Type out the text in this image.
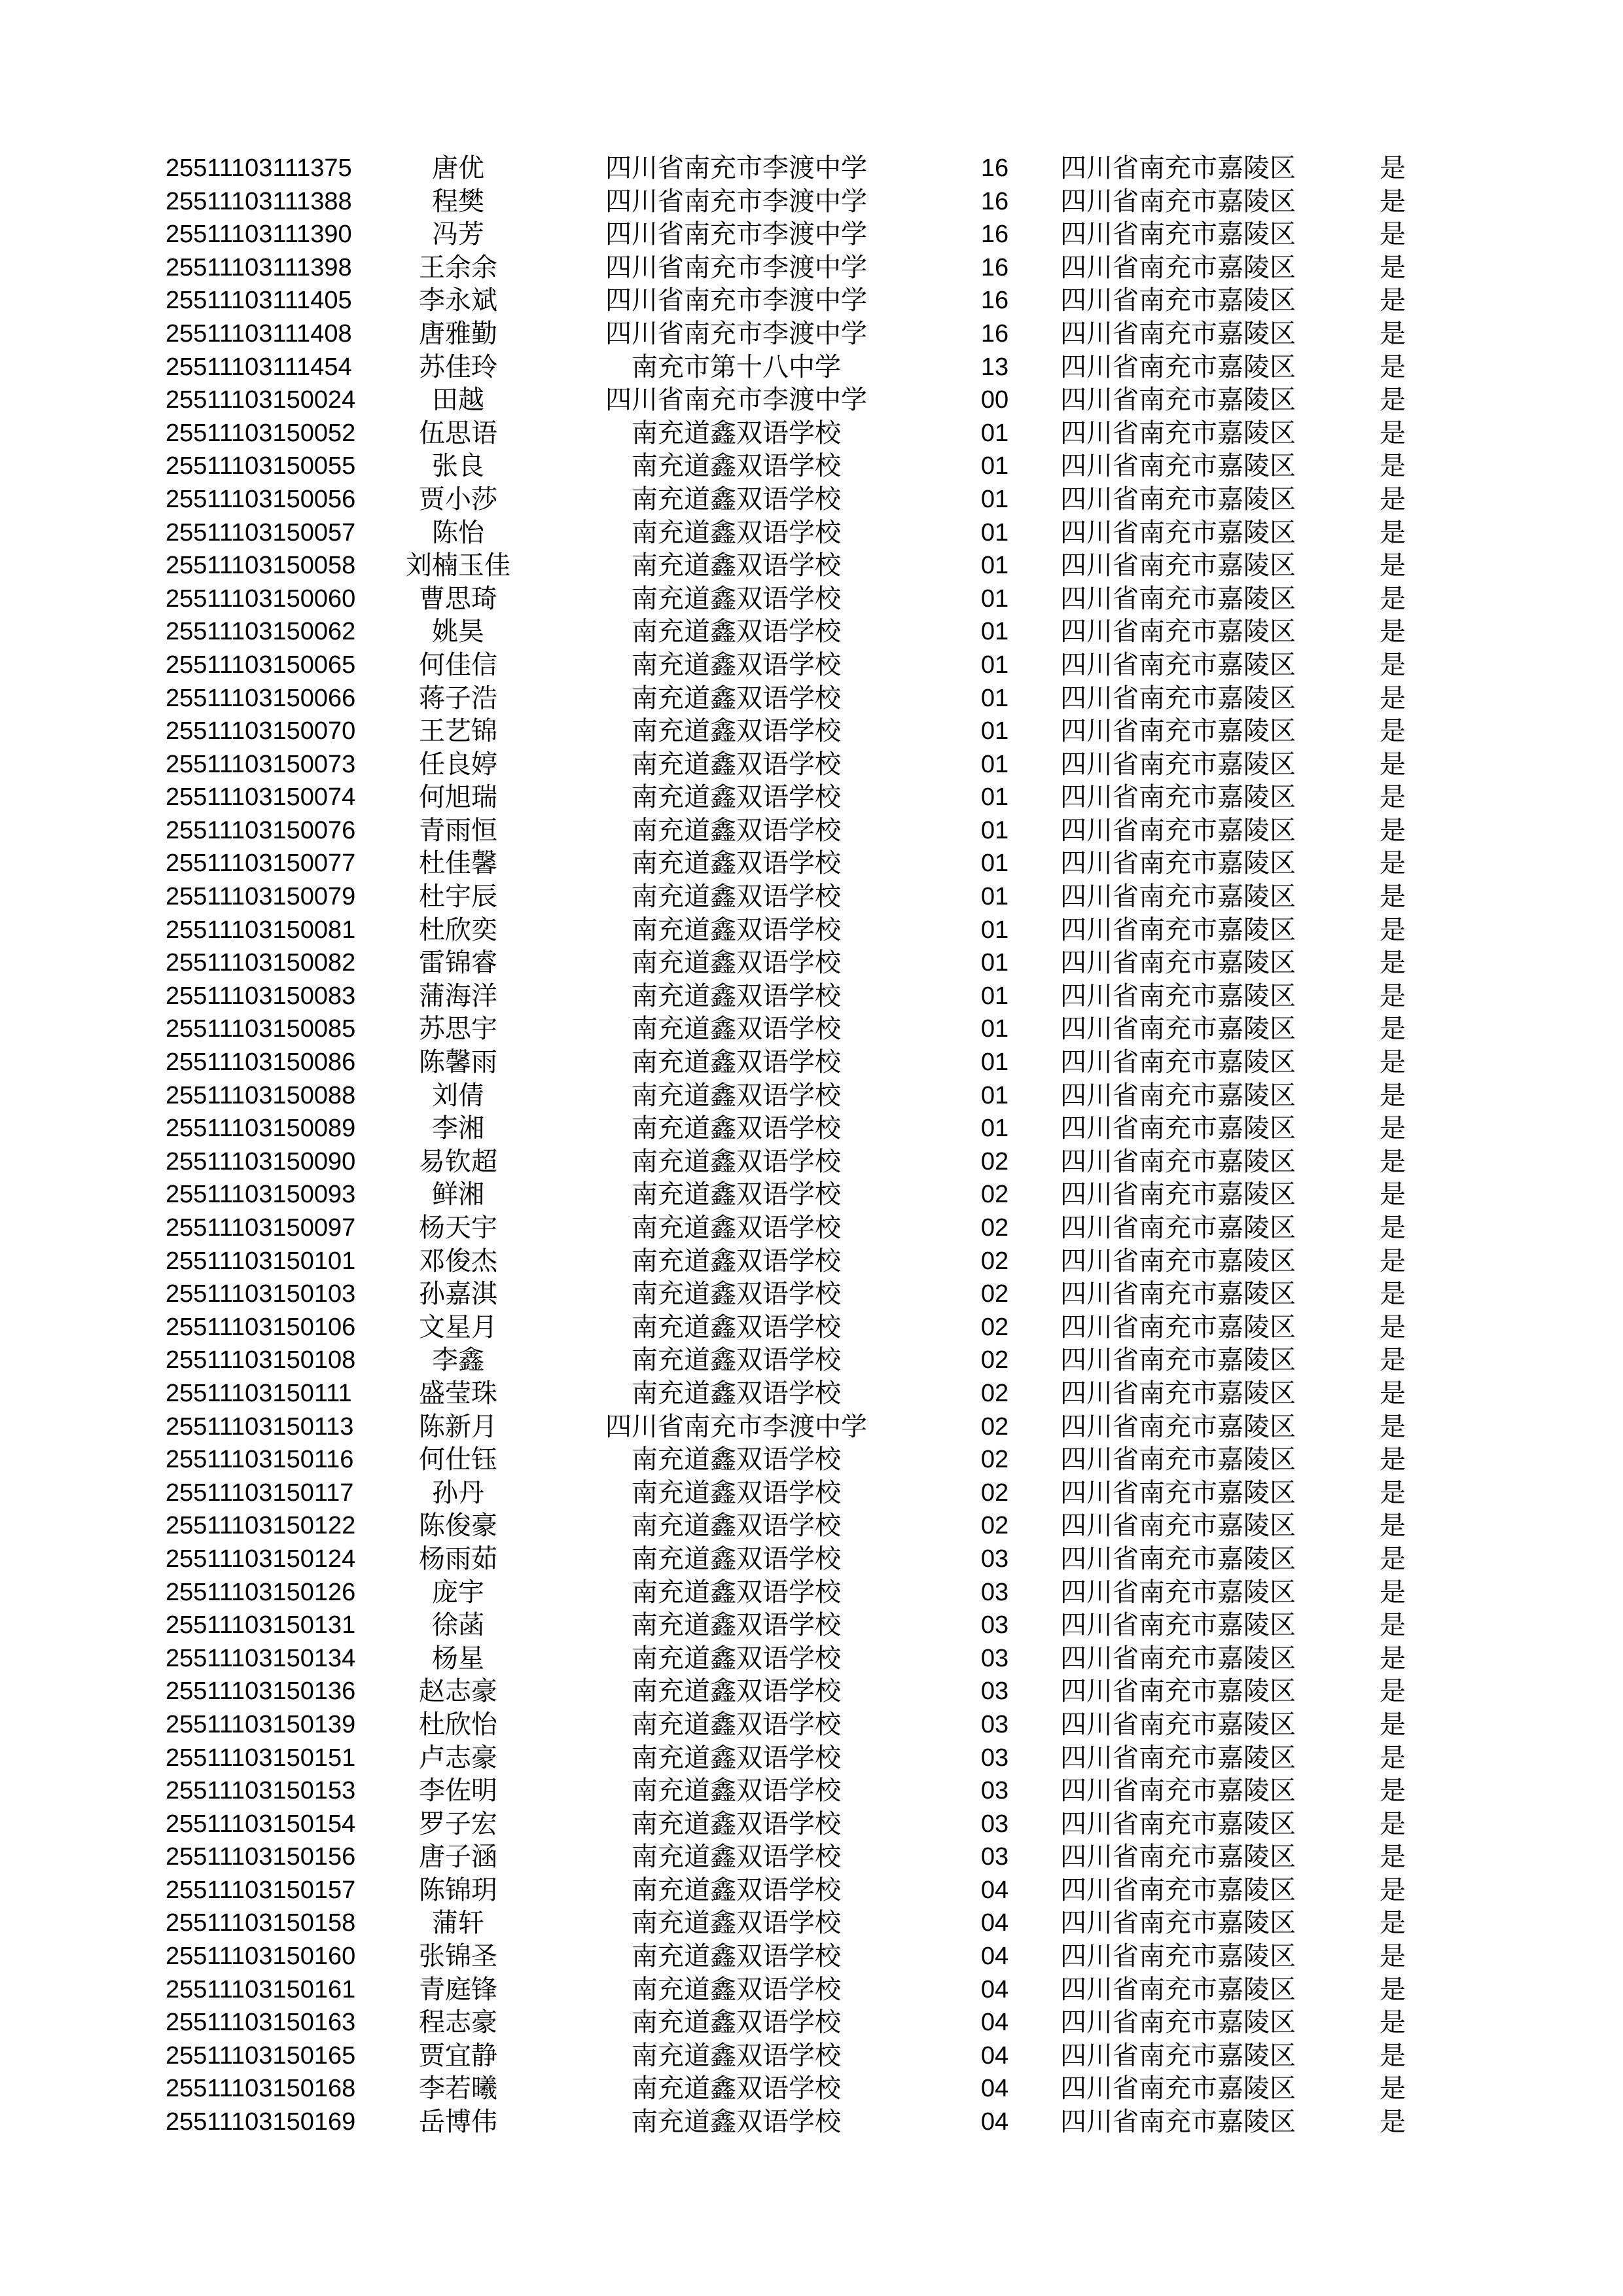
25511103111375	唐优	四川省南充市李渡中学	16	四川省南充市嘉陵区	是
25511103111388	程樊	四川省南充市李渡中学	16	四川省南充市嘉陵区	是
25511103111390	冯芳	四川省南充市李渡中学	16	四川省南充市嘉陵区	是
25511103111398	王余余	四川省南充市李渡中学	16	四川省南充市嘉陵区	是
25511103111405	李永斌	四川省南充市李渡中学	16	四川省南充市嘉陵区	是
25511103111408	唐雅勤	四川省南充市李渡中学	16	四川省南充市嘉陵区	是
25511103111454	苏佳玲	南充市第十八中学	13	四川省南充市嘉陵区	是
25511103150024	田越	四川省南充市李渡中学	00	四川省南充市嘉陵区	是
25511103150052	伍思语	南充道鑫双语学校	01	四川省南充市嘉陵区	是
25511103150055	张良	南充道鑫双语学校	01	四川省南充市嘉陵区	是
25511103150056	贾小莎	南充道鑫双语学校	01	四川省南充市嘉陵区	是
25511103150057	陈怡	南充道鑫双语学校	01	四川省南充市嘉陵区	是
25511103150058	刘楠玉佳	南充道鑫双语学校	01	四川省南充市嘉陵区	是
25511103150060	曹思琦	南充道鑫双语学校	01	四川省南充市嘉陵区	是
25511103150062	姚昊	南充道鑫双语学校	01	四川省南充市嘉陵区	是
25511103150065	何佳信	南充道鑫双语学校	01	四川省南充市嘉陵区	是
25511103150066	蒋子浩	南充道鑫双语学校	01	四川省南充市嘉陵区	是
25511103150070	王艺锦	南充道鑫双语学校	01	四川省南充市嘉陵区	是
25511103150073	任良婷	南充道鑫双语学校	01	四川省南充市嘉陵区	是
25511103150074	何旭瑞	南充道鑫双语学校	01	四川省南充市嘉陵区	是
25511103150076	青雨恒	南充道鑫双语学校	01	四川省南充市嘉陵区	是
25511103150077	杜佳馨	南充道鑫双语学校	01	四川省南充市嘉陵区	是
25511103150079	杜宇辰	南充道鑫双语学校	01	四川省南充市嘉陵区	是
25511103150081	杜欣奕	南充道鑫双语学校	01	四川省南充市嘉陵区	是
25511103150082	雷锦睿	南充道鑫双语学校	01	四川省南充市嘉陵区	是
25511103150083	蒲海洋	南充道鑫双语学校	01	四川省南充市嘉陵区	是
25511103150085	苏思宇	南充道鑫双语学校	01	四川省南充市嘉陵区	是
25511103150086	陈馨雨	南充道鑫双语学校	01	四川省南充市嘉陵区	是
25511103150088	刘倩	南充道鑫双语学校	01	四川省南充市嘉陵区	是
25511103150089	李湘	南充道鑫双语学校	01	四川省南充市嘉陵区	是
25511103150090	易钦超	南充道鑫双语学校	02	四川省南充市嘉陵区	是
25511103150093	鲜湘	南充道鑫双语学校	02	四川省南充市嘉陵区	是
25511103150097	杨天宇	南充道鑫双语学校	02	四川省南充市嘉陵区	是
25511103150101	邓俊杰	南充道鑫双语学校	02	四川省南充市嘉陵区	是
25511103150103	孙嘉淇	南充道鑫双语学校	02	四川省南充市嘉陵区	是
25511103150106	文星月	南充道鑫双语学校	02	四川省南充市嘉陵区	是
25511103150108	李鑫	南充道鑫双语学校	02	四川省南充市嘉陵区	是
25511103150111	盛莹珠	南充道鑫双语学校	02	四川省南充市嘉陵区	是
25511103150113	陈新月	四川省南充市李渡中学	02	四川省南充市嘉陵区	是
25511103150116	何仕钰	南充道鑫双语学校	02	四川省南充市嘉陵区	是
25511103150117	孙丹	南充道鑫双语学校	02	四川省南充市嘉陵区	是
25511103150122	陈俊豪	南充道鑫双语学校	02	四川省南充市嘉陵区	是
25511103150124	杨雨茹	南充道鑫双语学校	03	四川省南充市嘉陵区	是
25511103150126	庞宇	南充道鑫双语学校	03	四川省南充市嘉陵区	是
25511103150131	徐菡	南充道鑫双语学校	03	四川省南充市嘉陵区	是
25511103150134	杨星	南充道鑫双语学校	03	四川省南充市嘉陵区	是
25511103150136	赵志豪	南充道鑫双语学校	03	四川省南充市嘉陵区	是
25511103150139	杜欣怡	南充道鑫双语学校	03	四川省南充市嘉陵区	是
25511103150151	卢志豪	南充道鑫双语学校	03	四川省南充市嘉陵区	是
25511103150153	李佐明	南充道鑫双语学校	03	四川省南充市嘉陵区	是
25511103150154	罗子宏	南充道鑫双语学校	03	四川省南充市嘉陵区	是
25511103150156	唐子涵	南充道鑫双语学校	03	四川省南充市嘉陵区	是
25511103150157	陈锦玥	南充道鑫双语学校	04	四川省南充市嘉陵区	是
25511103150158	蒲轩	南充道鑫双语学校	04	四川省南充市嘉陵区	是
25511103150160	张锦圣	南充道鑫双语学校	04	四川省南充市嘉陵区	是
25511103150161	青庭锋	南充道鑫双语学校	04	四川省南充市嘉陵区	是
25511103150163	程志豪	南充道鑫双语学校	04	四川省南充市嘉陵区	是
25511103150165	贾宜静	南充道鑫双语学校	04	四川省南充市嘉陵区	是
25511103150168	李若曦	南充道鑫双语学校	04	四川省南充市嘉陵区	是
25511103150169	岳博伟	南充道鑫双语学校	04	四川省南充市嘉陵区	是
